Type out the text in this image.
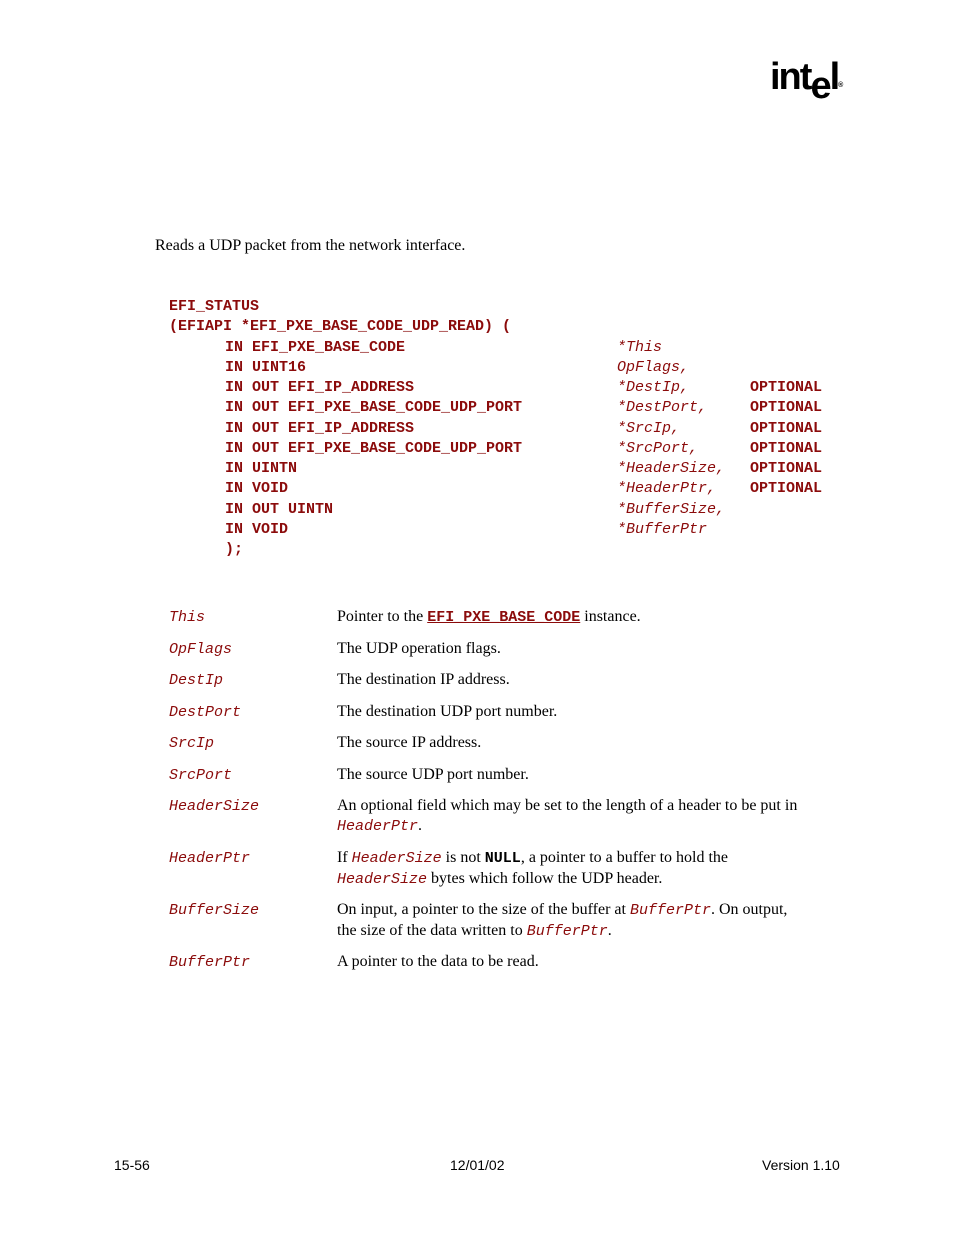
intel®
Reads a UDP packet from the network interface.
EFI_STATUS
(EFIAPI *EFI_PXE_BASE_CODE_UDP_READ) (
IN EFI_PXE_BASE_CODE	*This
IN UINT16	OpFlags,
IN OUT EFI_IP_ADDRESS	*DestIp,	OPTIONAL
IN OUT EFI_PXE_BASE_CODE_UDP_PORT	*DestPort,	OPTIONAL
IN OUT EFI_IP_ADDRESS	*SrcIp,	OPTIONAL
IN OUT EFI_PXE_BASE_CODE_UDP_PORT	*SrcPort,	OPTIONAL
IN UINTN	*HeaderSize, OPTIONAL
IN VOID	*HeaderPtr, OPTIONAL
IN OUT UINTN	*BufferSize,
IN VOID	*BufferPtr
);
This	Pointer to the EFI_PXE_BASE_CODE instance.
OpFlags	The UDP operation flags.
DestIp	The destination IP address.
DestPort	The destination UDP port number.
SrcIp	The source IP address.
SrcPort	The source UDP port number.
HeaderSize	An optional field which may be set to the length of a header to be put in
HeaderPtr.
HeaderPtr	If HeaderSize is not NULL, a pointer to a buffer to hold the
HeaderSize bytes which follow the UDP header.
BufferSize	On input, a pointer to the size of the buffer at BufferPtr. On output,
the size of the data written to BufferPtr.
BufferPtr	A pointer to the data to be read.
15-56	12/01/02	Version 1.10
